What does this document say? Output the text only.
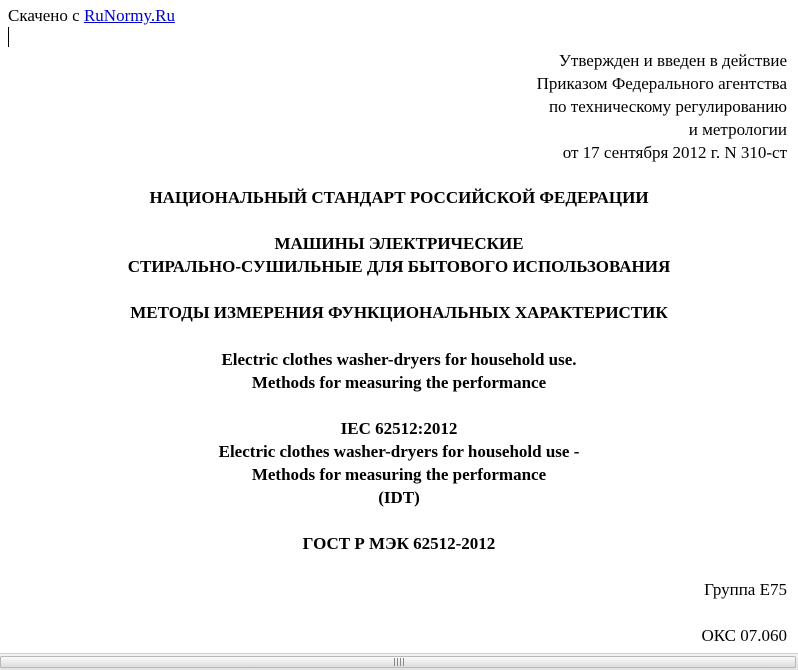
Скачено с RuNormy.Ru
Утвержден и введен в действие
Приказом Федерального агентства
по техническому регулированию
и метрологии
от 17 сентября 2012 г. N 310-ст
НАЦИОНАЛЬНЫЙ СТАНДАРТ РОССИЙСКОЙ ФЕДЕРАЦИИ
МАШИНЫ ЭЛЕКТРИЧЕСКИЕ
СТИРАЛЬНО-СУШИЛЬНЫЕ ДЛЯ БЫТОВОГО ИСПОЛЬЗОВАНИЯ
МЕТОДЫ ИЗМЕРЕНИЯ ФУНКЦИОНАЛЬНЫХ ХАРАКТЕРИСТИК
Electric clothes washer-dryers for household use.
Methods for measuring the performance
IEC 62512:2012
Electric clothes washer-dryers for household use -
Methods for measuring the performance
(IDT)
ГОСТ Р МЭК 62512-2012
Группа Е75
ОКС 07.060
